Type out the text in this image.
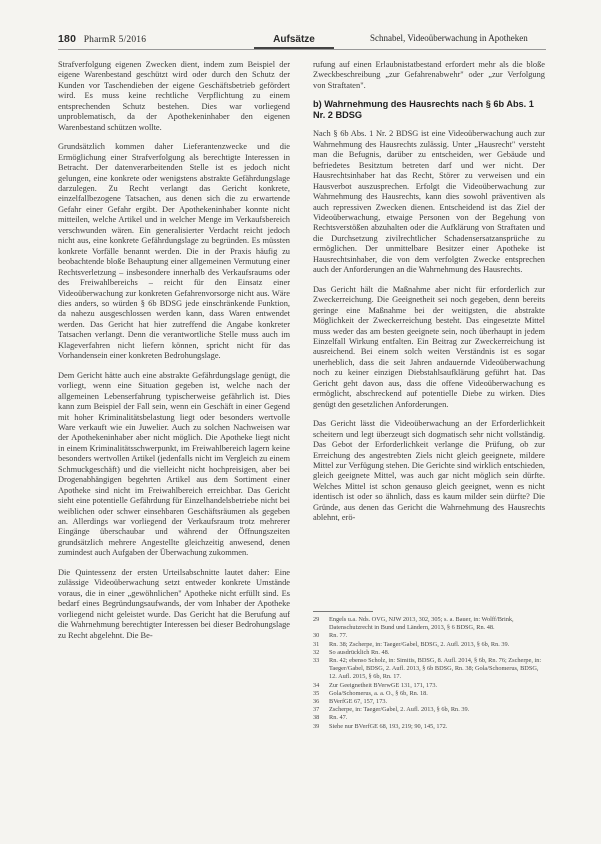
180 PharmR 5/2016	Aufsätze	Schnabel, Videoüberwachung in Apotheken

Strafverfolgung eigenen Zwecken dient, indem zum Beispiel der eigene Warenbestand geschützt wird oder durch den Schutz der Kunden vor Taschendieben der eigene Geschäftsbetrieb gefördert wird. Es muss keine rechtliche Verpflichtung zu einem entsprechenden Schutz bestehen. Dies war vorliegend unproblematisch, da der Apothekeninhaber den eigenen Warenbestand schützen wollte.

Grundsätzlich kommen daher Lieferantenzwecke und die Ermöglichung einer Strafverfolgung als berechtigte Interessen in Betracht. Der datenverarbeitenden Stelle ist es jedoch nicht gelungen, eine konkrete oder wenigstens abstrakte Gefährdungslage darzulegen. Zu Recht verlangt das Gericht konkrete, einzelfallbezogene Tatsachen, aus denen sich die zu erwartende Gefahr einer Gefahr ergibt. Der Apothekeninhaber konnte nicht mitteilen, welche Artikel und in welcher Menge im Verkaufsbereich verschwunden wären. Ein generalisierter Verdacht reicht jedoch nicht aus, eine konkrete Gefährdungslage zu begründen. Es müssten konkrete Vorfälle benannt werden. Die in der Praxis häufig zu beobachtende bloße Behauptung einer allgemeinen Vermutung einer Rechtsverletzung – insbesondere innerhalb des Verkaufsraums oder des Freiwahlbereichs – reicht für den Einsatz einer Videoüberwachung zur konkreten Gefahrenvorsorge nicht aus. Wäre dies anders, so würden § 6b BDSG jede einschränkende Funktion, da nahezu ausgeschlossen werden kann, dass Waren entwendet werden. Das Gericht hat hier zutreffend die Angabe konkreter Tatsachen verlangt. Denn die verantwortliche Stelle muss auch im Klageverfahren nicht liefern können, spricht nicht für das Vorhandensein einer konkreten Bedrohungslage.

Dem Gericht hätte auch eine abstrakte Gefährdungslage genügt, die vorliegt, wenn eine Situation gegeben ist, welche nach der allgemeinen Lebenserfahrung typischerweise gefährlich ist. Dies kann zum Beispiel der Fall sein, wenn ein Geschäft in einer Gegend mit hoher Kriminalitätsbelastung liegt oder besonders wertvolle Ware verkauft wie ein Juwelier. Auch zu solchen Nachweisen war der Apothekeninhaber aber nicht möglich. Die Apotheke liegt nicht in einem Kriminalitätsschwerpunkt, im Freiwahlbereich lagern keine besonders wertvollen Artikel (jedenfalls nicht im Vergleich zu einem Schmuckgeschäft) und die vielleicht nicht hochpreisigen, aber bei Drogenabhängigen begehrten Artikel aus dem Sortiment einer Apotheke sind nicht im Freiwahlbereich erreichbar. Das Gericht sieht eine potentielle Gefährdung für Einzelhandelsbetriebe nicht bei weiblichen oder schwer einsehbaren Geschäftsräumen als gegeben an. Allerdings war vorliegend der Verkaufsraum trotz mehrerer Eingänge überschaubar und während der Öffnungszeiten grundsätzlich mehrere Angestellte gleichzeitig anwesend, denen zumindest auch Aufgaben der Überwachung zukommen.

Die Quintessenz der ersten Urteilsabschnitte lautet daher: Eine zulässige Videoüberwachung setzt entweder konkrete Umstände voraus, die in einer „gewöhnlichen" Apotheke nicht erfüllt sind. Es bedarf eines Begründungsaufwands, der vom Inhaber der Apotheke vorliegend nicht geleistet wurde. Das Gericht hat die Berufung auf die Wahrnehmung berechtigter Interessen bei dieser Bedrohungslage zu Recht abgelehnt. Die Be-

rufung auf einen Erlaubnistatbestand erfordert mehr als die bloße Zweckbeschreibung „zur Gefahrenabwehr" oder „zur Verfolgung von Straftaten".

b) Wahrnehmung des Hausrechts nach § 6b Abs. 1 Nr. 2 BDSG

Nach § 6b Abs. 1 Nr. 2 BDSG ist eine Videoüberwachung auch zur Wahrnehmung des Hausrechts zulässig. Unter „Hausrecht" versteht man die Befugnis, darüber zu entscheiden, wer Gebäude und befriedetes Besitztum betreten darf und wer nicht. Der Hausrechtsinhaber hat das Recht, Störer zu verweisen und ein Hausverbot auszusprechen. Erfolgt die Videoüberwachung zur Wahrnehmung des Hausrechts, kann dies sowohl präventiven als auch repressiven Zwecken dienen. Entscheidend ist das Ziel der Videoüberwachung, etwaige Personen von der Begehung von Rechtsverstößen abzuhalten oder die Aufklärung von Straftaten und die Durchsetzung zivilrechtlicher Schadensersatzansprüche zu ermöglichen. Der unmittelbare Besitzer einer Apotheke ist Hausrechtsinhaber, die von dem verfolgten Zwecke entsprechen auch der Anforderungen an die Wahrnehmung des Hausrechts.

Das Gericht hält die Maßnahme aber nicht für erforderlich zur Zweckerreichung. Die Geeignetheit sei noch gegeben, denn bereits geringe eine Maßnahme bei der weitigsten, die abstrakte Möglichkeit der Zweckerreichung besteht. Das eingesetzte Mittel muss weder das am besten geeignete sein, noch überhaupt in jedem Einzelfall Wirkung entfalten. Ein Beitrag zur Zweckerreichung ist ausreichend. Bei einem solch weiten Verständnis ist es sogar unerheblich, dass die seit Jahren andauernde Videoüberwachung noch zu keiner einzigen Diebstahlsaufklärung geführt hat. Das Gericht geht davon aus, dass die offene Videoüberwachung es ermöglicht, abschreckend auf potentielle Diebe zu wirken. Dies genügt den gesetzlichen Anforderungen.

Das Gericht lässt die Videoüberwachung an der Erforderlichkeit scheitern und legt überzeugt sich dogmatisch sehr nicht vollständig. Das Gebot der Erforderlichkeit verlange die Prüfung, ob zur Erreichung des angestrebten Ziels nicht gleich geeignete, mildere Mittel zur Verfügung stehen. Die Gerichte sind wirklich entschieden, gleich geeignete Mittel, was auch gar nicht möglich sein dürfte. Welches Mittel ist schon genauso gleich geeignet, wenn es nicht identisch ist oder so ähnlich, dass es kaum milder sein dürfte? Die Gründe, aus denen das Gericht die Wahrnehmung des Hausrechts ablehnt, erö-

29	Engels u.a. Nds. OVG, NJW 2013, 302, 305; s. a. Bauer, in: Wolff/Brink, Datenschutzrecht in Bund und Ländern, 2013, § 6 BDSG, Rn. 48.
30	Rn. 77.
31	Rn. 38; Zscherpe, in: Taeger/Gabel, BDSG, 2. Aufl. 2013, § 6b, Rn. 39.
32	So ausdrücklich Rn. 48.
33	Rn. 42; ebenso Scholz, in: Simitis, BDSG, 8. Aufl. 2014, § 6b, Rn. 76; Zscherpe, in: Taeger/Gabel, BDSG, 2. Aufl. 2013, § 6b BDSG, Rn. 38; Gola/Schomerus, BDSG, 12. Aufl. 2015, § 6b, Rn. 17.
34	Zur Geeignetheit BVerwGE 131, 171, 173.
35	Gola/Schomerus, a. a. O., § 6b, Rn. 18.
36	BVerfGE 67, 157, 173.
37	Zscherpe, in: Taeger/Gabel, 2. Aufl. 2013, § 6b, Rn. 39.
38	Rn. 47.
39	Siehe nur BVerfGE 68, 193, 219; 90, 145, 172.
